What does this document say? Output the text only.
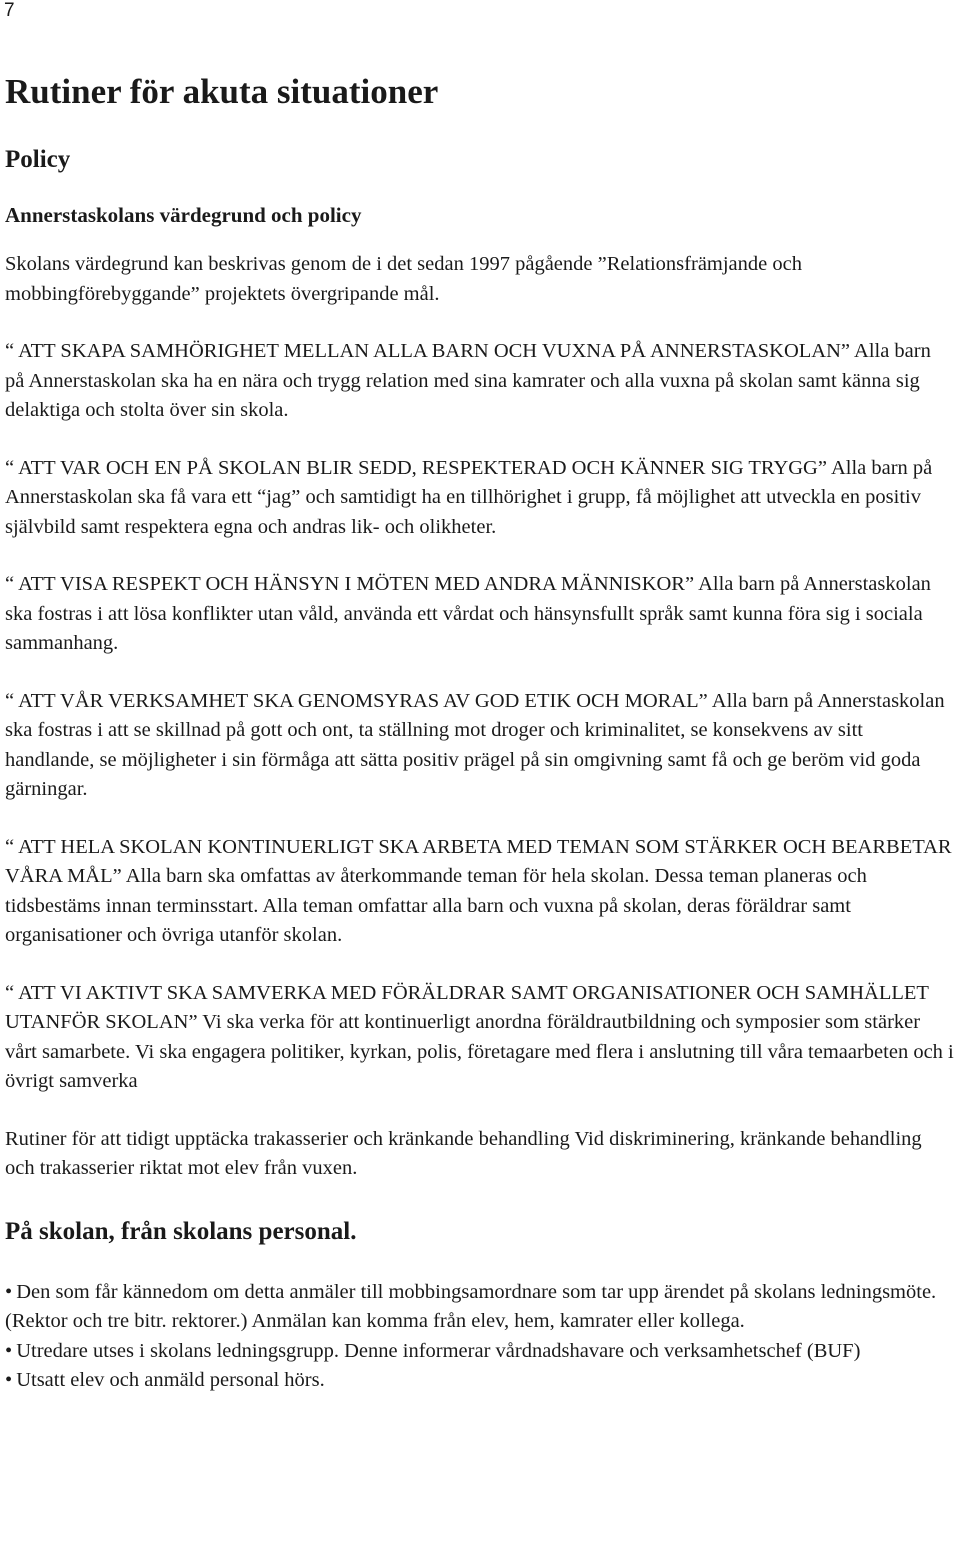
7
Rutiner för akuta situationer
Policy
Annerstaskolans värdegrund och policy

Skolans värdegrund kan beskrivas genom de i det sedan 1997 pågående ”Relationsfrämjande och mobbingförebyggande” projektets övergripande mål.

“ ATT SKAPA SAMHÖRIGHET MELLAN ALLA BARN OCH VUXNA PÅ ANNERSTASKOLAN” Alla barn på Annerstaskolan ska ha en nära och trygg relation med sina kamrater och alla vuxna på skolan samt känna sig delaktiga och stolta över sin skola.

“ ATT VAR OCH EN PÅ SKOLAN BLIR SEDD, RESPEKTERAD OCH KÄNNER SIG TRYGG” Alla barn på Annerstaskolan ska få vara ett “jag” och samtidigt ha en tillhörighet i grupp, få möjlighet att utveckla en positiv självbild samt respektera egna och andras lik- och olikheter.

“ ATT VISA RESPEKT OCH HÄNSYN I MÖTEN MED ANDRA MÄNNISKOR” Alla barn på Annerstaskolan ska fostras i att lösa konflikter utan våld, använda ett vårdat och hänsynsfullt språk samt kunna föra sig i sociala sammanhang.

“ ATT VÅR VERKSAMHET SKA GENOMSYRAS AV GOD ETIK OCH MORAL” Alla barn på Annerstaskolan ska fostras i att se skillnad på gott och ont, ta ställning mot droger och kriminalitet, se konsekvens av sitt handlande, se möjligheter i sin förmåga att sätta positiv prägel på sin omgivning samt få och ge beröm vid goda gärningar.

“ ATT HELA SKOLAN KONTINUERLIGT SKA ARBETA MED TEMAN SOM STÄRKER OCH BEARBETAR VÅRA MÅL” Alla barn ska omfattas av återkommande teman för hela skolan. Dessa teman planeras och tidsbestäms innan terminsstart. Alla teman omfattar alla barn och vuxna på skolan, deras föräldrar samt organisationer och övriga utanför skolan.

“ ATT VI AKTIVT SKA SAMVERKA MED FÖRÄLDRAR SAMT ORGANISATIONER OCH SAMHÄLLET UTANFÖR SKOLAN” Vi ska verka för att kontinuerligt anordna föräldrautbildning och symposier som stärker vårt samarbete. Vi ska engagera politiker, kyrkan, polis, företagare med flera i anslutning till våra temaarbeten och i övrigt samverka

Rutiner för att tidigt upptäcka trakasserier och kränkande behandling Vid diskriminering, kränkande behandling och trakasserier riktat mot elev från vuxen.

På skolan, från skolans personal.
• Den som får kännedom om detta anmäler till mobbingsamordnare som tar upp ärendet på skolans ledningsmöte. (Rektor och tre bitr. rektorer.) Anmälan kan komma från elev, hem, kamrater eller kollega.
• Utredare utses i skolans ledningsgrupp. Denne informerar vårdnadshavare och verksamhetschef (BUF)
• Utsatt elev och anmäld personal hörs.
